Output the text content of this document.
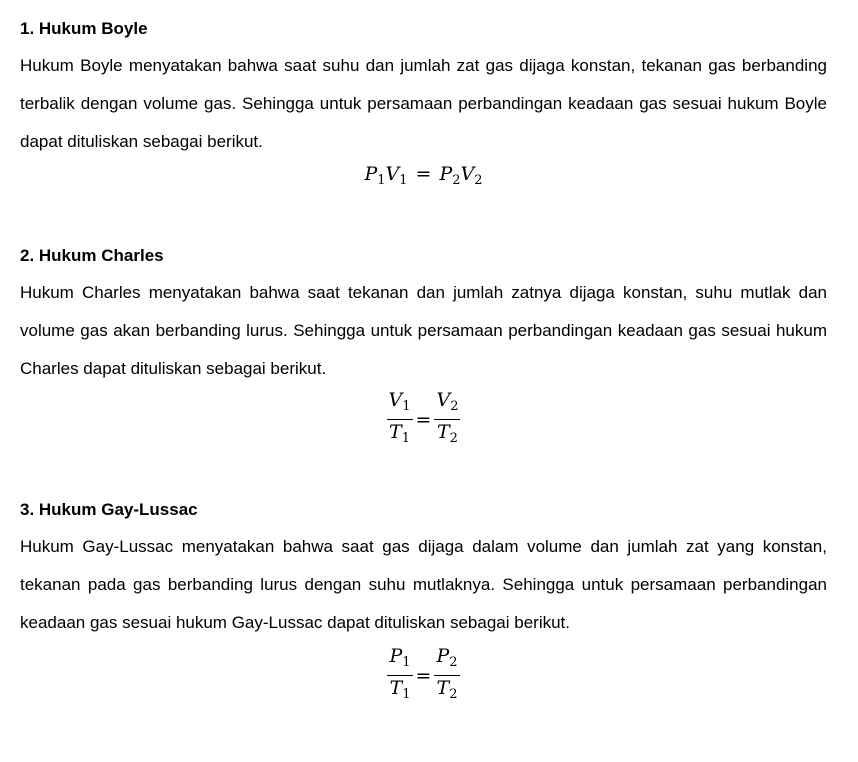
1. Hukum Boyle

Hukum Boyle menyatakan bahwa saat suhu dan jumlah zat gas dijaga konstan, tekanan gas berbanding terbalik dengan volume gas. Sehingga untuk persamaan perbandingan keadaan gas sesuai hukum Boyle dapat dituliskan sebagai berikut.

$P_1V_1 = P_2V_2$
2. Hukum Charles

Hukum Charles menyatakan bahwa saat tekanan dan jumlah zatnya dijaga konstan, suhu mutlak dan volume gas akan berbanding lurus. Sehingga untuk persamaan perbandingan keadaan gas sesuai hukum Charles dapat dituliskan sebagai berikut.

$\frac{V_1}{T_1} = \frac{V_2}{T_2}$
3. Hukum Gay-Lussac

Hukum Gay-Lussac menyatakan bahwa saat gas dijaga dalam volume dan jumlah zat yang konstan, tekanan pada gas berbanding lurus dengan suhu mutlaknya. Sehingga untuk persamaan perbandingan keadaan gas sesuai hukum Gay-Lussac dapat dituliskan sebagai berikut.

$\frac{P_1}{T_1} = \frac{P_2}{T_2}$
